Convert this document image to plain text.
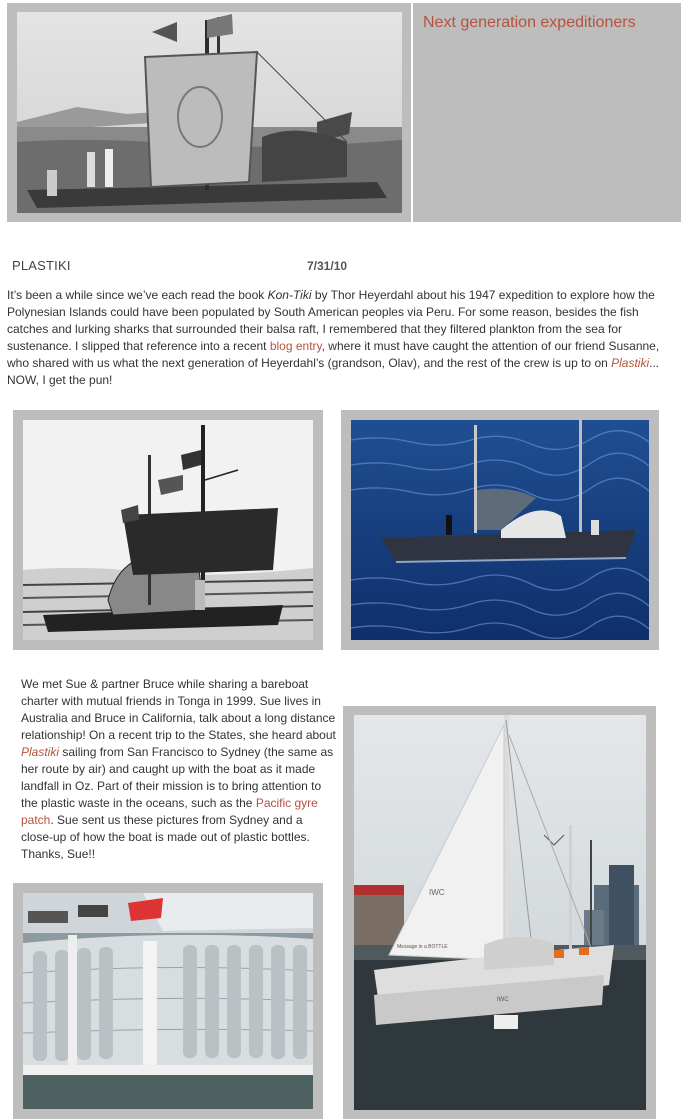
Next generation expeditioners
PLASTIKI	7/31/10
It’s been a while since we’ve each read the book Kon-Tiki by Thor Heyerdahl about his 1947 expedition to explore how the Polynesian Islands could have been populated by South American peoples via Peru. For some reason, besides the fish catches and lurking sharks that surrounded their balsa raft, I remembered that they filtered plankton from the sea for sustenance. I slipped that reference into a recent blog entry, where it must have caught the attention of our friend Susanne, who shared with us what the next generation of Heyerdahl’s (grandson, Olav), and the rest of the crew is up to on Plastiki... NOW, I get the pun!
We met Sue & partner Bruce while sharing a bareboat charter with mutual friends in Tonga in 1999. Sue lives in Australia and Bruce in California, talk about a long distance relationship! On a recent trip to the States, she heard about Plastiki sailing from San Francisco to Sydney (the same as her route by air) and caught up with the boat as it made landfall in Oz. Part of their mission is to bring attention to the plastic waste in the oceans, such as the Pacific gyre patch. Sue sent us these pictures from Sydney and a close-up of how the boat is made out of plastic bottles. Thanks, Sue!!
IWC
Message in a BOTTLE
IWC
